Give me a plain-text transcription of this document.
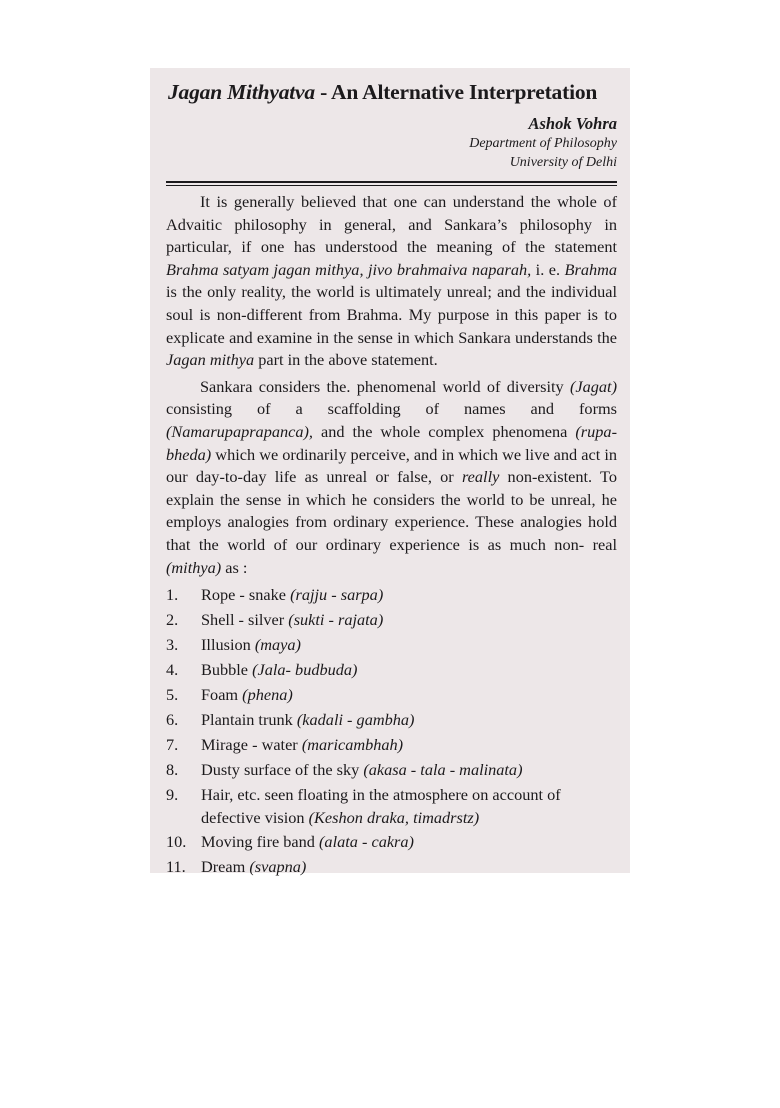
Jagan Mithyatva - An Alternative Interpretation
Ashok Vohra
Department of Philosophy
University of Delhi

It is generally believed that one can understand the whole of Advaitic philosophy in general, and Sankara’s philosophy in particular, if one has understood the meaning of the statement Brahma satyam jagan mithya, jivo brahmaiva naparah, i. e. Brahma is the only reality, the world is ultimately unreal; and the individual soul is non-different from Brahma. My purpose in this paper is to explicate and examine in the sense in which Sankara understands the Jagan mithya part in the above statement.

Sankara considers the. phenomenal world of diversity (Jagat) consisting of a scaffolding of names and forms (Namarupaprapanca), and the whole complex phenomena (rupa-bheda) which we ordinarily perceive, and in which we live and act in our day-to-day life as unreal or false, or really non-existent. To explain the sense in which he considers the world to be unreal, he employs analogies from ordinary experience. These analogies hold that the world of our ordinary experience is as much non- real (mithya) as :

1.	Rope - snake (rajju - sarpa)
2.	Shell - silver (sukti - rajata)
3.	Illusion (maya)
4.	Bubble (Jala- budbuda)
5.	Foam (phena)
6.	Plantain trunk (kadali - gambha)
7.	Mirage - water (maricambhah)
8.	Dusty surface of the sky (akasa - tala - malinata)
9.	Hair, etc. seen floating in the atmosphere on account of defective vision (Keshon draka, timadrstz)
10. Moving fire band (alata - cakra)
11. Dream (svapna)
